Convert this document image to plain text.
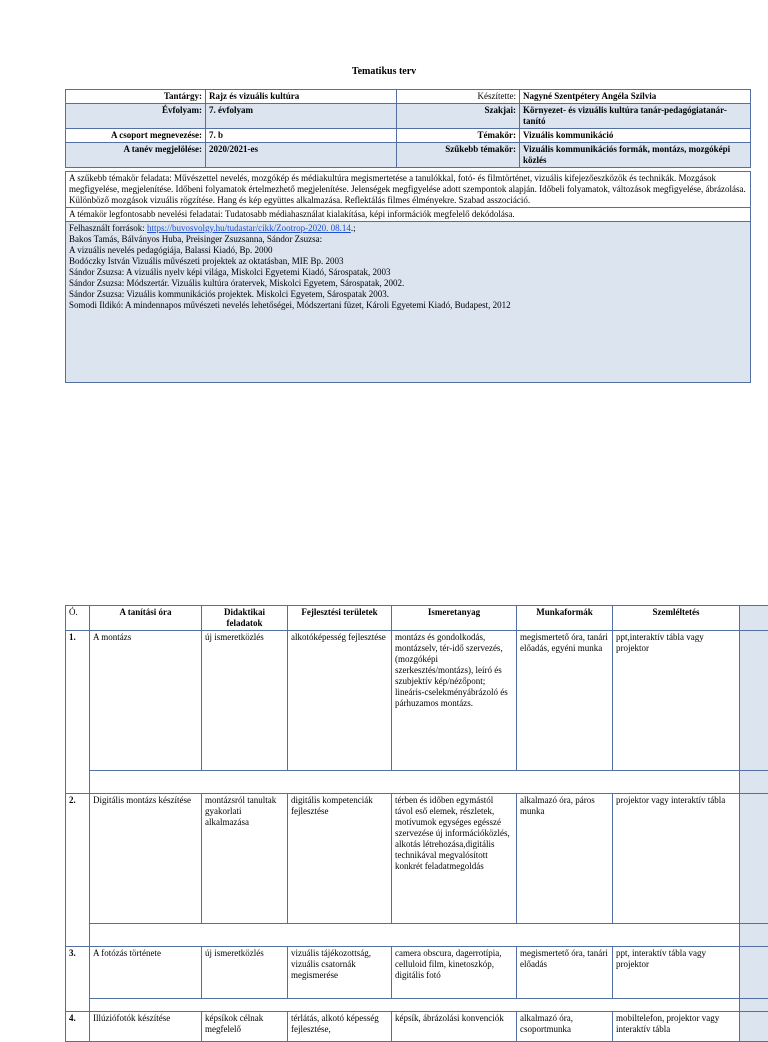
Tematikus terv
Tantárgy:	Rajz és vizuális kultúra	Készítette:	Nagyné Szentpétery Angéla Szilvia
Évfolyam:	7. évfolyam	Szakjai:	Környezet- és vizuális kultúra tanár-pedagógiatanár-tanító
A csoport megnevezése:	7. b	Témakör:	Vizuális kommunikáció
A tanév megjelölése:	2020/2021-es	Szűkebb témakör:	Vizuális kommunikációs formák, montázs, mozgóképi közlés
A szűkebb témakör feladata: Művészettel nevelés, mozgókép és médiakultúra megismertetése a tanulókkal, fotó- és filmtörténet, vizuális kifejezőeszközök és technikák. Mozgások megfigyelése, megjelenítése. Időbeni folyamatok értelmezhető megjelenítése. Jelenségek megfigyelése adott szempontok alapján. Időbeli folyamatok, változások megfigyelése, ábrázolása. Különböző mozgások vizuális rögzítése. Hang és kép együttes alkalmazása. Reflektálás filmes élményekre. Szabad asszociáció.
A témakör legfontosabb nevelési feladatai: Tudatosabb médiahasználat kialakítása, képi információk megfelelő dekódolása.
Felhasznált források: https://buvosvolgy.hu/tudastar/cikk/Zootrop-2020. 08.14.;
Bakos Tamás, Bálványos Huba, Preisinger Zsuzsanna, Sándor Zsuzsa:
A vizuális nevelés pedagógiája, Balassi Kiadó, Bp. 2000
Bodóczky István Vizuális művészeti projektek az oktatásban, MIE Bp. 2003
Sándor Zsuzsa: A vizuális nyelv képi világa, Miskolci Egyetemi Kiadó, Sárospatak, 2003
Sándor Zsuzsa: Módszertár. Vizuális kultúra óratervek, Miskolci Egyetem, Sárospatak, 2002.
Sándor Zsuzsa: Vizuális kommunikációs projektek. Miskolci Egyetem, Sárospatak 2003.
Somodi Ildikó: A mindennapos művészeti nevelés lehetőségei, Módszertani füzet, Károli Egyetemi Kiadó, Budapest, 2012
Ó.	A tanítási óra	Didaktikai feladatok	Fejlesztési területek	Ismeretanyag	Munkaformák	Szemléltetés	
1.	A montázs	új ismeretközlés	alkotóképesség fejlesztése	montázs és gondolkodás, montázselv, tér-idő szervezés, (mozgóképi szerkesztés/montázs), leíró és szubjektív kép/nézőpont; lineáris-cselekményábrázoló és párhuzamos montázs.	megismertető óra, tanári előadás, egyéni munka	ppt,interaktív tábla vagy projektor	

2.	Digitális montázs készítése	montázsról tanultak gyakorlati alkalmazása	digitális kompetenciák fejlesztése	térben és időben egymástól távol eső elemek, részletek, motívumok egységes egésszé szervezése új információközlés, alkotás létrehozása,digitális technikával megvalósított konkrét feladatmegoldás	alkalmazó óra, páros munka	projektor vagy interaktív tábla	

3.	A fotózás története	új ismeretközlés	vizuális tájékozottság, vizuális csatornák megismerése	camera obscura, dagerrotípia, celluloid film, kinetoszkóp, digitális fotó	megismertető óra, tanári előadás	ppt, interaktív tábla vagy projektor	

4.	Illúziófotók készítése	képsíkok célnak megfelelő	térlátás, alkotó képesség fejlesztése,	képsík, ábrázolási konvenciók	alkalmazó óra, csoportmunka	mobiltelefon, projektor vagy interaktív tábla	
